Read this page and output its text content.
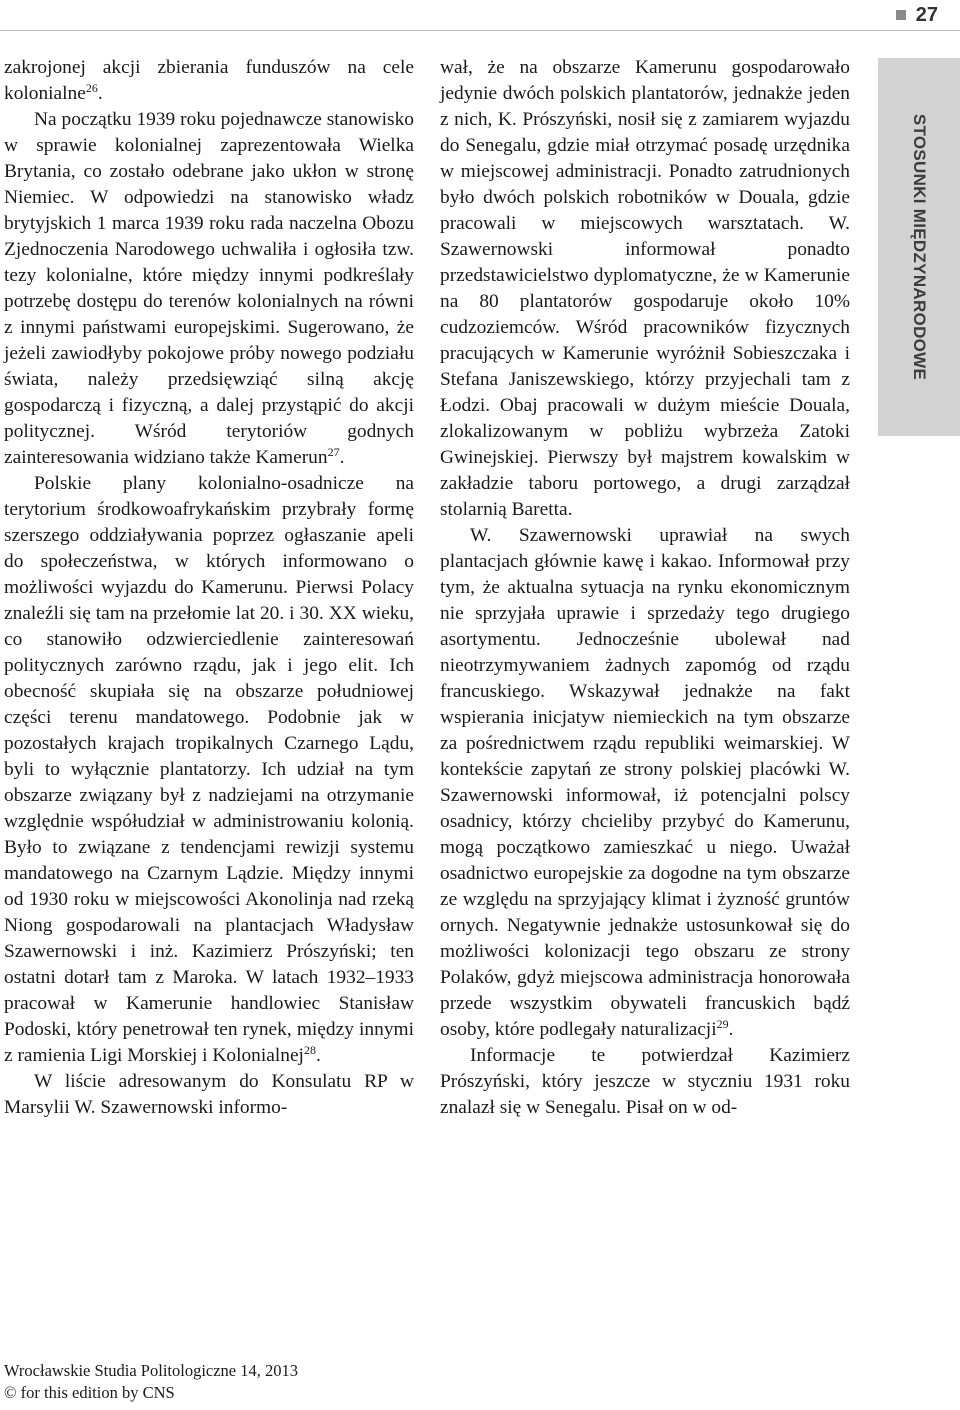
27

zakrojonej akcji zbierania funduszów na cele kolonialne$^{26}$.

Na początku 1939 roku pojednawcze stanowisko w sprawie kolonialnej zaprezentowała Wielka Brytania, co zostało odebrane jako ukłon w stronę Niemiec. W odpowiedzi na stanowisko władz brytyjskich 1 marca 1939 roku rada naczelna Obozu Zjednoczenia Narodowego uchwaliła i ogłosiła tzw. tezy kolonialne, które między innymi podkreślały potrzebę dostępu do terenów kolonialnych na równi z innymi państwami europejskimi. Sugerowano, że jeżeli zawiodłyby pokojowe próby nowego podziału świata, należy przedsięwziąć silną akcję gospodarczą i fizyczną, a dalej przystąpić do akcji politycznej. Wśród terytoriów godnych zainteresowania widziano także Kamerun$^{27}$.

Polskie plany kolonialno-osadnicze na terytorium środkowoafrykańskim przybrały formę szerszego oddziaływania poprzez ogłaszanie apeli do społeczeństwa, w których informowano o możliwości wyjazdu do Kamerunu. Pierwsi Polacy znaleźli się tam na przełomie lat 20. i 30. XX wieku, co stanowiło odzwierciedlenie zainteresowań politycznych zarówno rządu, jak i jego elit. Ich obecność skupiała się na obszarze południowej części terenu mandatowego. Podobnie jak w pozostałych krajach tropikalnych Czarnego Lądu, byli to wyłącznie plantatorzy. Ich udział na tym obszarze związany był z nadziejami na otrzymanie względnie współudział w administrowaniu kolonią. Było to związane z tendencjami rewizji systemu mandatowego na Czarnym Lądzie. Między innymi od 1930 roku w miejscowości Akonolinja nad rzeką Niong gospodarowali na plantacjach Władysław Szawernowski i inż. Kazimierz Prószyński; ten ostatni dotarł tam z Maroka. W latach 1932–1933 pracował w Kamerunie handlowiec Stanisław Podoski, który penetrował ten rynek, między innymi z ramienia Ligi Morskiej i Kolonialnej$^{28}$.

W liście adresowanym do Konsulatu RP w Marsylii W. Szawernowski informo-

wał, że na obszarze Kamerunu gospodarowało jedynie dwóch polskich plantatorów, jednakże jeden z nich, K. Prószyński, nosił się z zamiarem wyjazdu do Senegalu, gdzie miał otrzymać posadę urzędnika w miejscowej administracji. Ponadto zatrudnionych było dwóch polskich robotników w Douala, gdzie pracowali w miejscowych warsztatach. W. Szawernowski informował ponadto przedstawicielstwo dyplomatyczne, że w Kamerunie na 80 plantatorów gospodaruje około 10% cudzoziemców. Wśród pracowników fizycznych pracujących w Kamerunie wyróżnił Sobieszczaka i Stefana Janiszewskiego, którzy przyjechali tam z Łodzi. Obaj pracowali w dużym mieście Douala, zlokalizowanym w pobliżu wybrzeża Zatoki Gwinejskiej. Pierwszy był majstrem kowalskim w zakładzie taboru portowego, a drugi zarządzał stolarnią Baretta.

W. Szawernowski uprawiał na swych plantacjach głównie kawę i kakao. Informował przy tym, że aktualna sytuacja na rynku ekonomicznym nie sprzyjała uprawie i sprzedaży tego drugiego asortymentu. Jednocześnie ubolewał nad nieotrzymywaniem żadnych zapomóg od rządu francuskiego. Wskazywał jednakże na fakt wspierania inicjatyw niemieckich na tym obszarze za pośrednictwem rządu republiki weimarskiej. W kontekście zapytań ze strony polskiej placówki W. Szawernowski informował, iż potencjalni polscy osadnicy, którzy chcieliby przybyć do Kamerunu, mogą początkowo zamieszkać u niego. Uważał osadnictwo europejskie za dogodne na tym obszarze ze względu na sprzyjający klimat i żyzność gruntów ornych. Negatywnie jednakże ustosunkował się do możliwości kolonizacji tego obszaru ze strony Polaków, gdyż miejscowa administracja honorowała przede wszystkim obywateli francuskich bądź osoby, które podlegały naturalizacji$^{29}$.

Informacje te potwierdzał Kazimierz Prószyński, który jeszcze w styczniu 1931 roku znalazł się w Senegalu. Pisał on w od-

STOSUNKI MIĘDZYNARODOWE
Wrocławskie Studia Politologiczne 14, 2013
© for this edition by CNS
